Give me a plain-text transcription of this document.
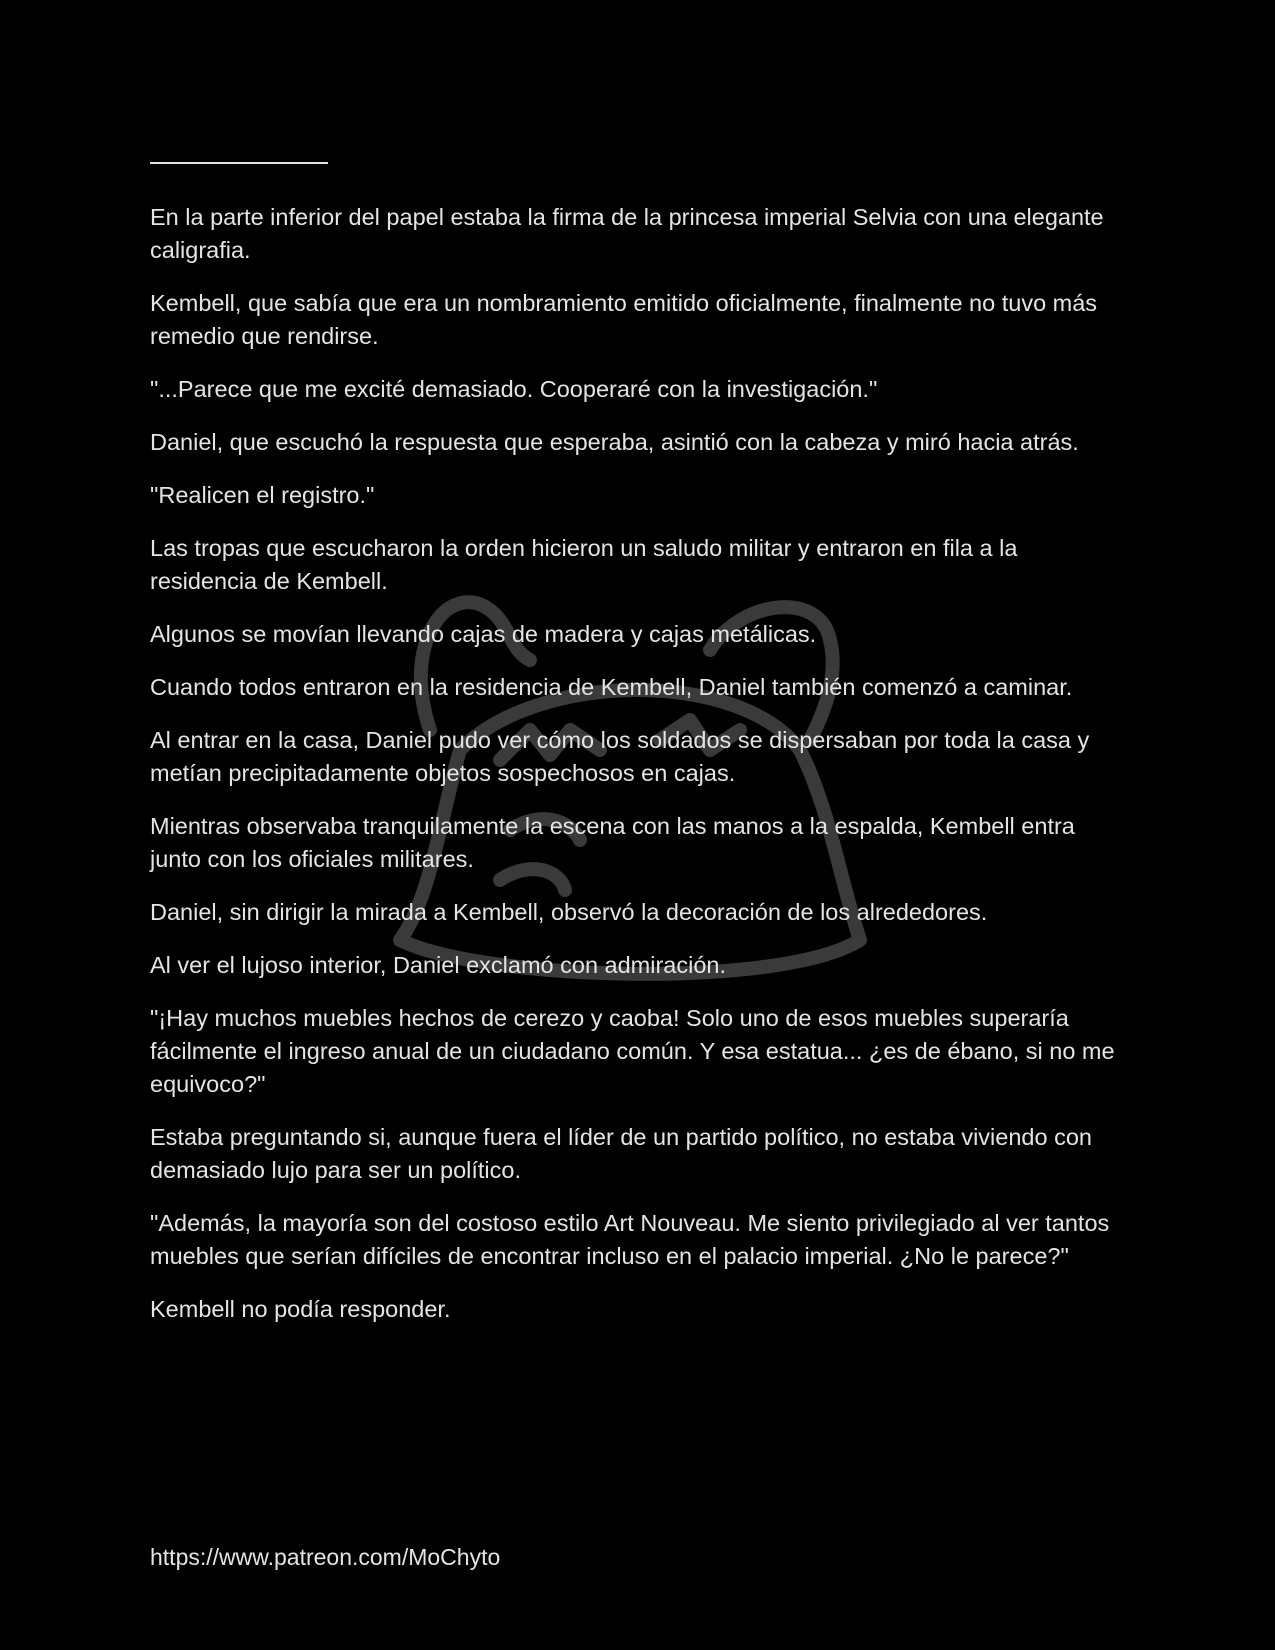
En la parte inferior del papel estaba la firma de la princesa imperial Selvia con una elegante caligrafia.

Kembell, que sabía que era un nombramiento emitido oficialmente, finalmente no tuvo más remedio que rendirse.

"...Parece que me excité demasiado. Cooperaré con la investigación."

Daniel, que escuchó la respuesta que esperaba, asintió con la cabeza y miró hacia atrás.

"Realicen el registro."

Las tropas que escucharon la orden hicieron un saludo militar y entraron en fila a la residencia de Kembell.

Algunos se movían llevando cajas de madera y cajas metálicas.

Cuando todos entraron en la residencia de Kembell, Daniel también comenzó a caminar.

Al entrar en la casa, Daniel pudo ver cómo los soldados se dispersaban por toda la casa y metían precipitadamente objetos sospechosos en cajas.

Mientras observaba tranquilamente la escena con las manos a la espalda, Kembell entra junto con los oficiales militares.

Daniel, sin dirigir la mirada a Kembell, observó la decoración de los alrededores.

Al ver el lujoso interior, Daniel exclamó con admiración.

"¡Hay muchos muebles hechos de cerezo y caoba! Solo uno de esos muebles superaría fácilmente el ingreso anual de un ciudadano común. Y esa estatua... ¿es de ébano, si no me equivoco?"

Estaba preguntando si, aunque fuera el líder de un partido político, no estaba viviendo con demasiado lujo para ser un político.

"Además, la mayoría son del costoso estilo Art Nouveau. Me siento privilegiado al ver tantos muebles que serían difíciles de encontrar incluso en el palacio imperial. ¿No le parece?"

Kembell no podía responder.

https://www.patreon.com/MoChyto
